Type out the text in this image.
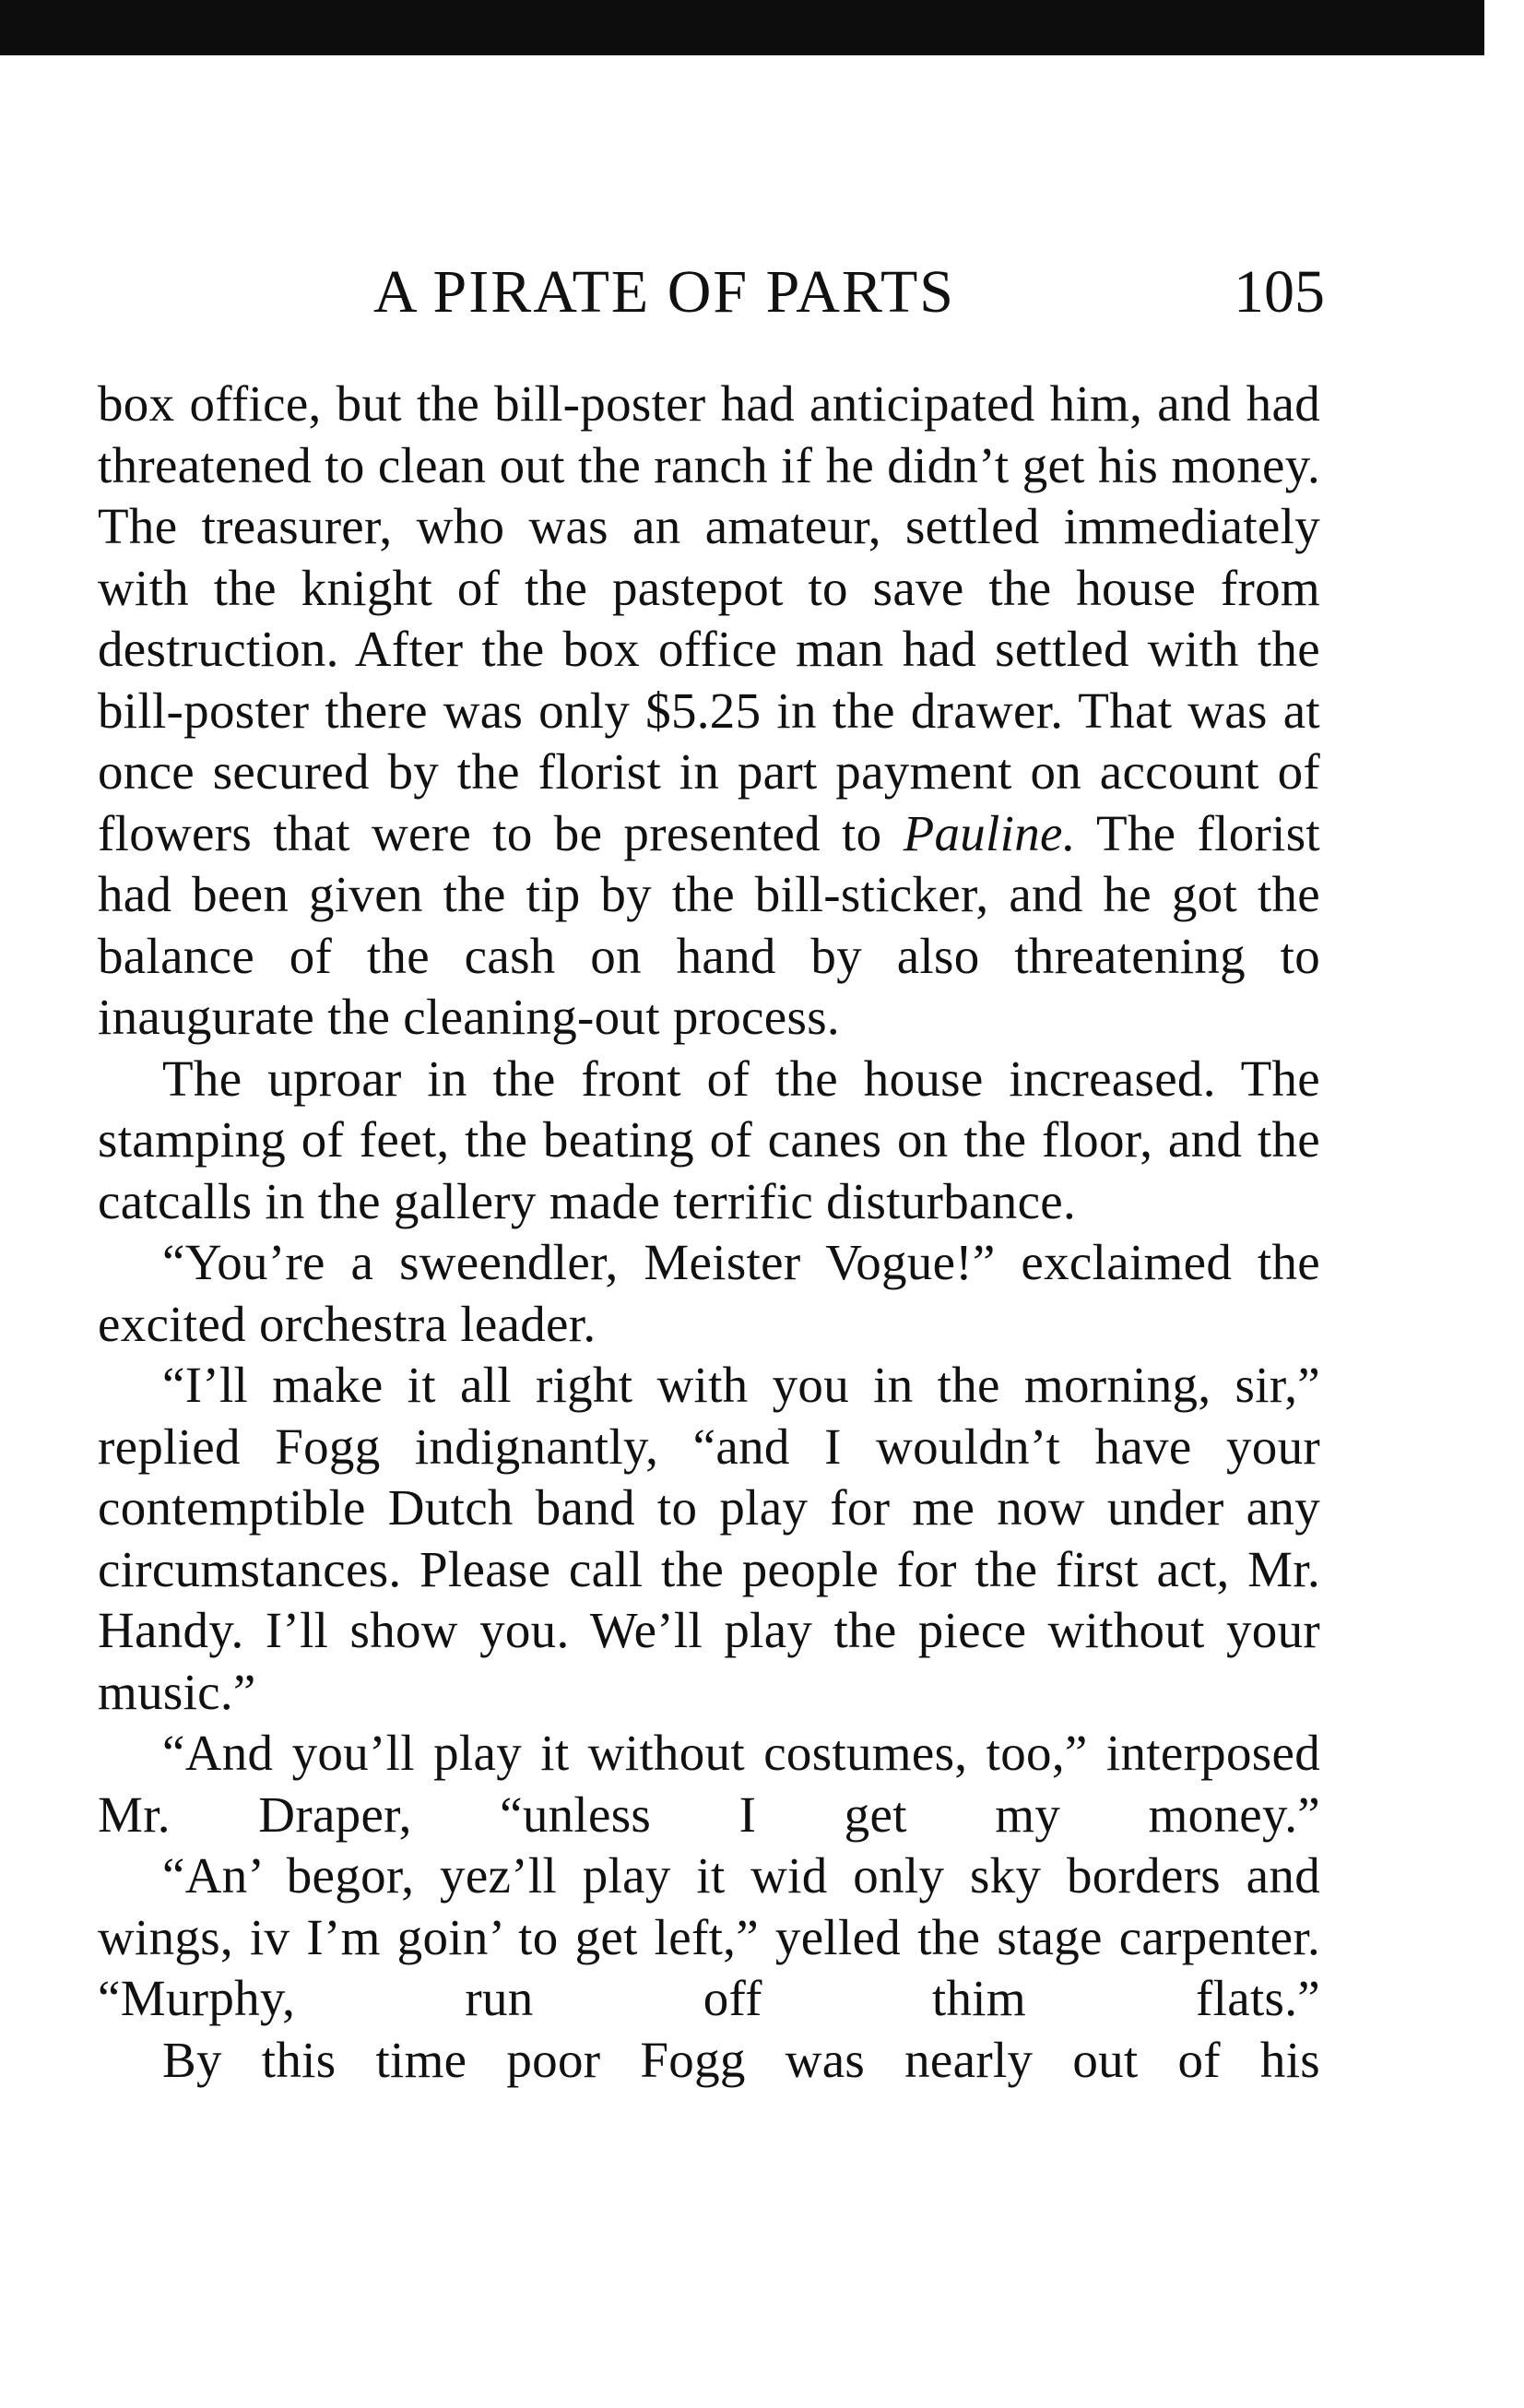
A PIRATE OF PARTS	105

box office, but the bill-poster had anticipated him, and had threatened to clean out the ranch if he didn’t get his money. The treasurer, who was an amateur, settled immediately with the knight of the pastepot to save the house from destruction. After the box office man had settled with the bill-poster there was only $5.25 in the drawer. That was at once secured by the florist in part payment on account of flowers that were to be presented to Pauline. The florist had been given the tip by the bill-sticker, and he got the balance of the cash on hand by also threatening to inaugurate the cleaning-out process.

The uproar in the front of the house increased. The stamping of feet, the beating of canes on the floor, and the catcalls in the gallery made terrific disturbance.

“You’re a sweendler, Meister Vogue!” exclaimed the excited orchestra leader.

“I’ll make it all right with you in the morning, sir,” replied Fogg indignantly, “and I wouldn’t have your contemptible Dutch band to play for me now under any circumstances. Please call the people for the first act, Mr. Handy. I’ll show you. We’ll play the piece without your music.”

“And you’ll play it without costumes, too,” interposed Mr. Draper, “unless I get my money.”

“An’ begor, yez’ll play it wid only sky borders and wings, iv I’m goin’ to get left,” yelled the stage carpenter. “Murphy, run off thim flats.”

By this time poor Fogg was nearly out of his
